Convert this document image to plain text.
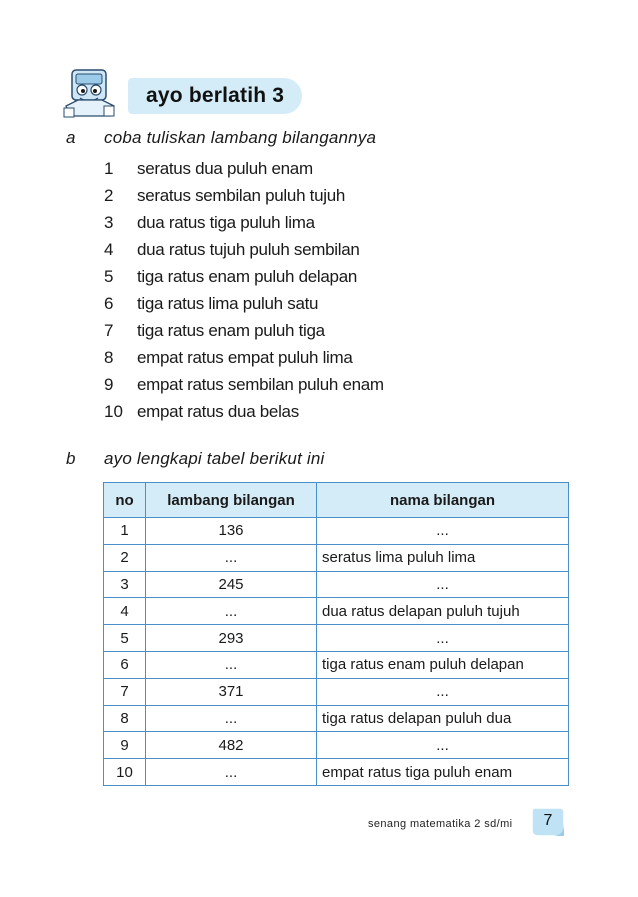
ayo berlatih 3
a coba tuliskan lambang bilangannya
1 seratus dua puluh enam
2 seratus sembilan puluh tujuh
3 dua ratus tiga puluh lima
4 dua ratus tujuh puluh sembilan
5 tiga ratus enam puluh delapan
6 tiga ratus lima puluh satu
7 tiga ratus enam puluh tiga
8 empat ratus empat puluh lima
9 empat ratus sembilan puluh enam
10 empat ratus dua belas
b ayo lengkapi tabel berikut ini
no	lambang bilangan	nama bilangan
1	136	...
2	...	seratus lima puluh lima
3	245	...
4	...	dua ratus delapan puluh tujuh
5	293	...
6	...	tiga ratus enam puluh delapan
7	371	...
8	...	tiga ratus delapan puluh dua
9	482	...
10	...	empat ratus tiga puluh enam
senang matematika 2 sd/mi	7
